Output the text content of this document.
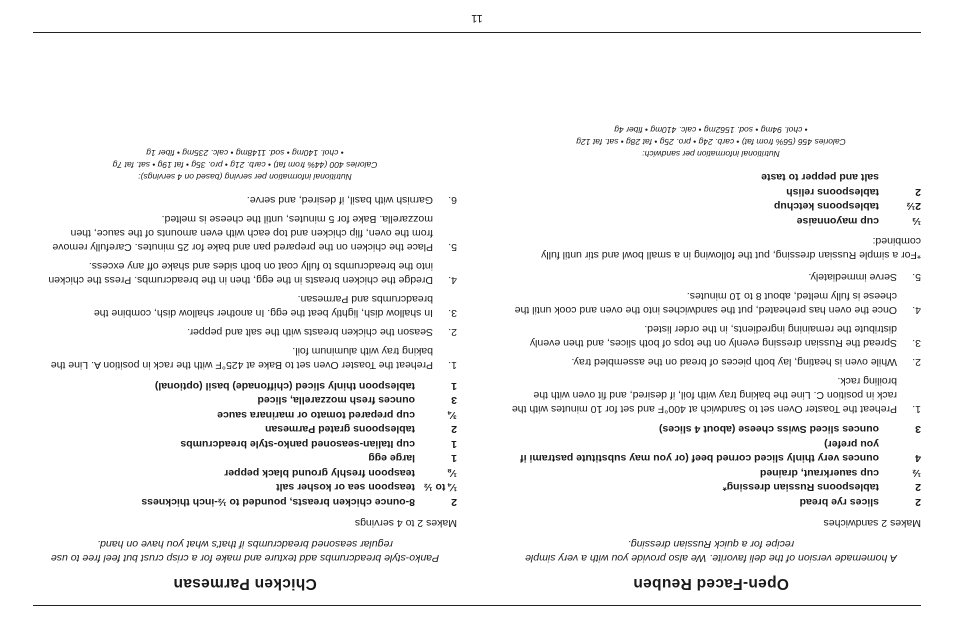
Open-Faced Reuben
A homemade version of the deli favorite. We also provide you with a very simple recipe for a quick Russian dressing.
Makes 2 sandwiches
2
slices rye bread
2
tablespoons Russian dressing*
½
cup sauerkraut, drained
4
ounces very thinly sliced corned beef (or you may substitute pastrami if you prefer)
3
ounces sliced Swiss cheese (about 4 slices)
1.
Preheat the Toaster Oven set to Sandwich at 400°F and set for 10 minutes with the rack in position C. Line the baking tray with foil, if desired, and fit oven with the broiling rack.
2.
While oven is heating, lay both pieces of bread on the assembled tray.
3.
Spread the Russian dressing evenly on the tops of both slices, and then evenly distribute the remaining ingredients, in the order listed.
4.
Once the oven has preheated, put the sandwiches into the oven and cook until the cheese is fully melted, about 8 to 10 minutes.
5.
Serve immediately.
*For a simple Russian dressing, put the following in a small bowl and stir until fully combined:
⅓
cup mayonnaise
2½
tablespoons ketchup
2
tablespoons relish
salt and pepper to taste
Nutritional information per sandwich:
Calories 456 (56% from fat) • carb. 24g • pro. 25g • fat 28g • sat. fat 12g
• chol. 94mg • sod. 1562mg • calc. 410mg • fiber 4g
Chicken Parmesan
Panko-style breadcrumbs add texture and make for a crisp crust but feel free to use regular seasoned breadcrumbs if that's what you have on hand.
Makes 2 to 4 servings
2
8-ounce chicken breasts, pounded to ½-inch thickness
¼ to ½
teaspoon sea or kosher salt
⅛
teaspoon freshly ground black pepper
1
large egg
1
cup Italian-seasoned panko-style breadcrumbs
2
tablespoons grated Parmesan
¾
cup prepared tomato or marinara sauce
3
ounces fresh mozzarella, sliced
1
tablespoon thinly sliced (chiffonade) basil (optional)
1.
Preheat the Toaster Oven set to Bake at 425°F with the rack in position A. Line the baking tray with aluminum foil.
2.
Season the chicken breasts with the salt and pepper.
3.
In shallow dish, lightly beat the egg. In another shallow dish, combine the breadcrumbs and Parmesan.
4.
Dredge the chicken breasts in the egg, then in the breadcrumbs. Press the chicken into the breadcrumbs to fully coat on both sides and shake off any excess.
5.
Place the chicken on the prepared pan and bake for 25 minutes. Carefully remove from the oven, flip chicken and top each with even amounts of the sauce, then mozzarella. Bake for 5 minutes, until the cheese is melted.
6.
Garnish with basil, if desired, and serve.
Nutritional information per serving (based on 4 servings):
Calories 400 (44% from fat) • carb. 21g • pro. 35g • fat 19g • sat. fat 7g
• chol. 140mg • sod. 1148mg • calc. 235mg • fiber 1g
11
